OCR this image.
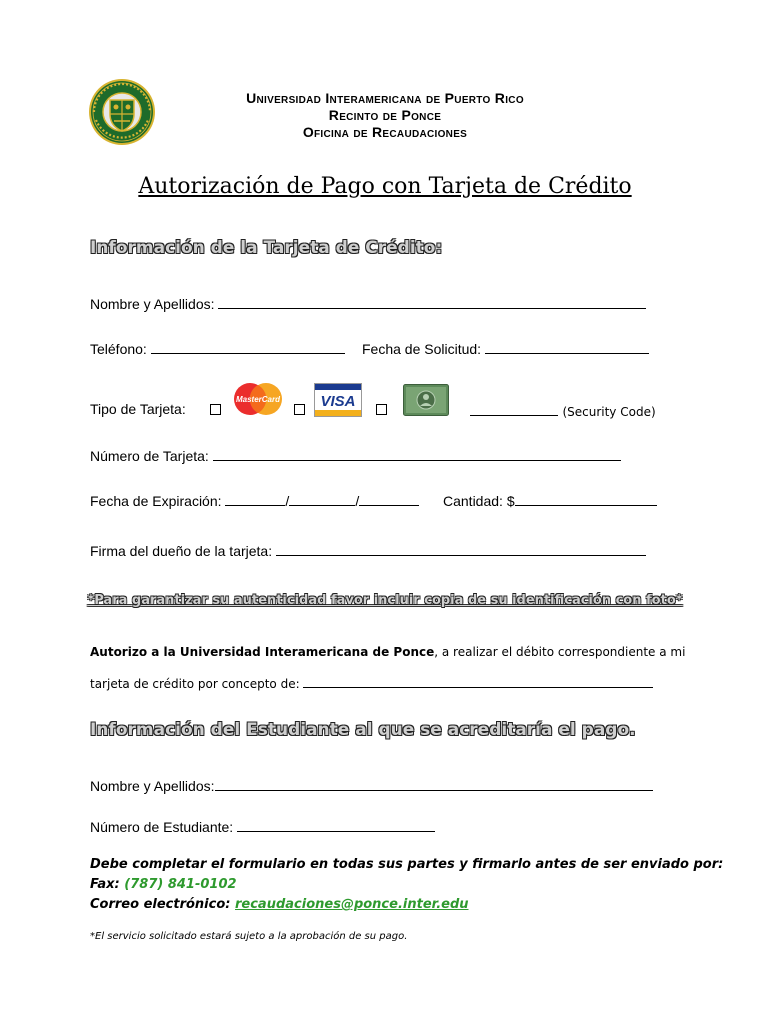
Universidad Interamericana de Puerto Rico
Recinto de Ponce
Oficina de Recaudaciones
Autorización de Pago con Tarjeta de Crédito
Información de la Tarjeta de Crédito:
Nombre y Apellidos:
Teléfono:	Fecha de Solicitud:
Tipo de Tarjeta:
MasterCard	VISA
(Security Code)
Número de Tarjeta:
Fecha de Expiración:	/	/	Cantidad: $
Firma del dueño de la tarjeta:
*Para garantizar su autenticidad favor incluir copia de su identificación con foto*
Autorizo a la Universidad Interamericana de Ponce, a realizar el débito correspondiente a mi
tarjeta de crédito por concepto de:
Información del Estudiante al que se acreditaría el pago.
Nombre y Apellidos:
Número de Estudiante:
Debe completar el formulario en todas sus partes y firmarlo antes de ser enviado por:
Fax: (787) 841-0102
Correo electrónico: recaudaciones@ponce.inter.edu
*El servicio solicitado estará sujeto a la aprobación de su pago.
